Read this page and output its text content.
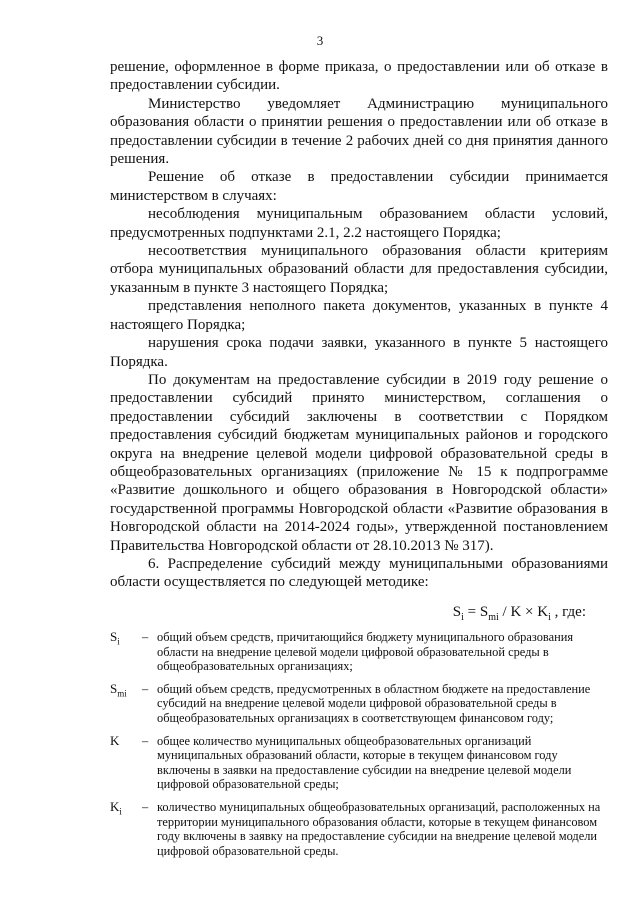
3

решение, оформленное в форме приказа, о предоставлении или об отказе в предоставлении субсидии.

Министерство уведомляет Администрацию муниципального образования области о принятии решения о предоставлении или об отказе в предоставлении субсидии в течение 2 рабочих дней со дня принятия данного решения.

Решение об отказе в предоставлении субсидии принимается министерством в случаях:

несоблюдения муниципальным образованием области условий, предусмотренных подпунктами 2.1, 2.2 настоящего Порядка;

несоответствия муниципального образования области критериям отбора муниципальных образований области для предоставления субсидии, указанным в пункте 3 настоящего Порядка;

представления неполного пакета документов, указанных в пункте 4 настоящего Порядка;

нарушения срока подачи заявки, указанного в пункте 5 настоящего Порядка.

По документам на предоставление субсидии в 2019 году решение о предоставлении субсидий принято министерством, соглашения о предоставлении субсидий заключены в соответствии с Порядком предоставления субсидий бюджетам муниципальных районов и городского округа на внедрение целевой модели цифровой образовательной среды в общеобразовательных организациях (приложение № 15 к подпрограмме «Развитие дошкольного и общего образования в Новгородской области» государственной программы Новгородской области «Развитие образования в Новгородской области на 2014-2024 годы», утвержденной постановлением Правительства Новгородской области от 28.10.2013 № 317).

6. Распределение субсидий между муниципальными образованиями области осуществляется по следующей методике:

$S_i = S_{mi} / K \times K_i$ , где:

$S_i$	– общий объем средств, причитающийся бюджету муниципального образования области на внедрение целевой модели цифровой образовательной среды в общеобразовательных организациях;
$S_{mi}$	– общий объем средств, предусмотренных в областном бюджете на предоставление субсидий на внедрение целевой модели цифровой образовательной среды в общеобразовательных организациях в соответствующем финансовом году;
K	– общее количество муниципальных общеобразовательных организаций муниципальных образований области, которые в текущем финансовом году включены в заявки на предоставление субсидии на внедрение целевой модели цифровой образовательной среды;
$K_i$	– количество муниципальных общеобразовательных организаций, расположенных на территории муниципального образования области, которые в текущем финансовом году включены в заявку на предоставление субсидии на внедрение целевой модели цифровой образовательной среды.
